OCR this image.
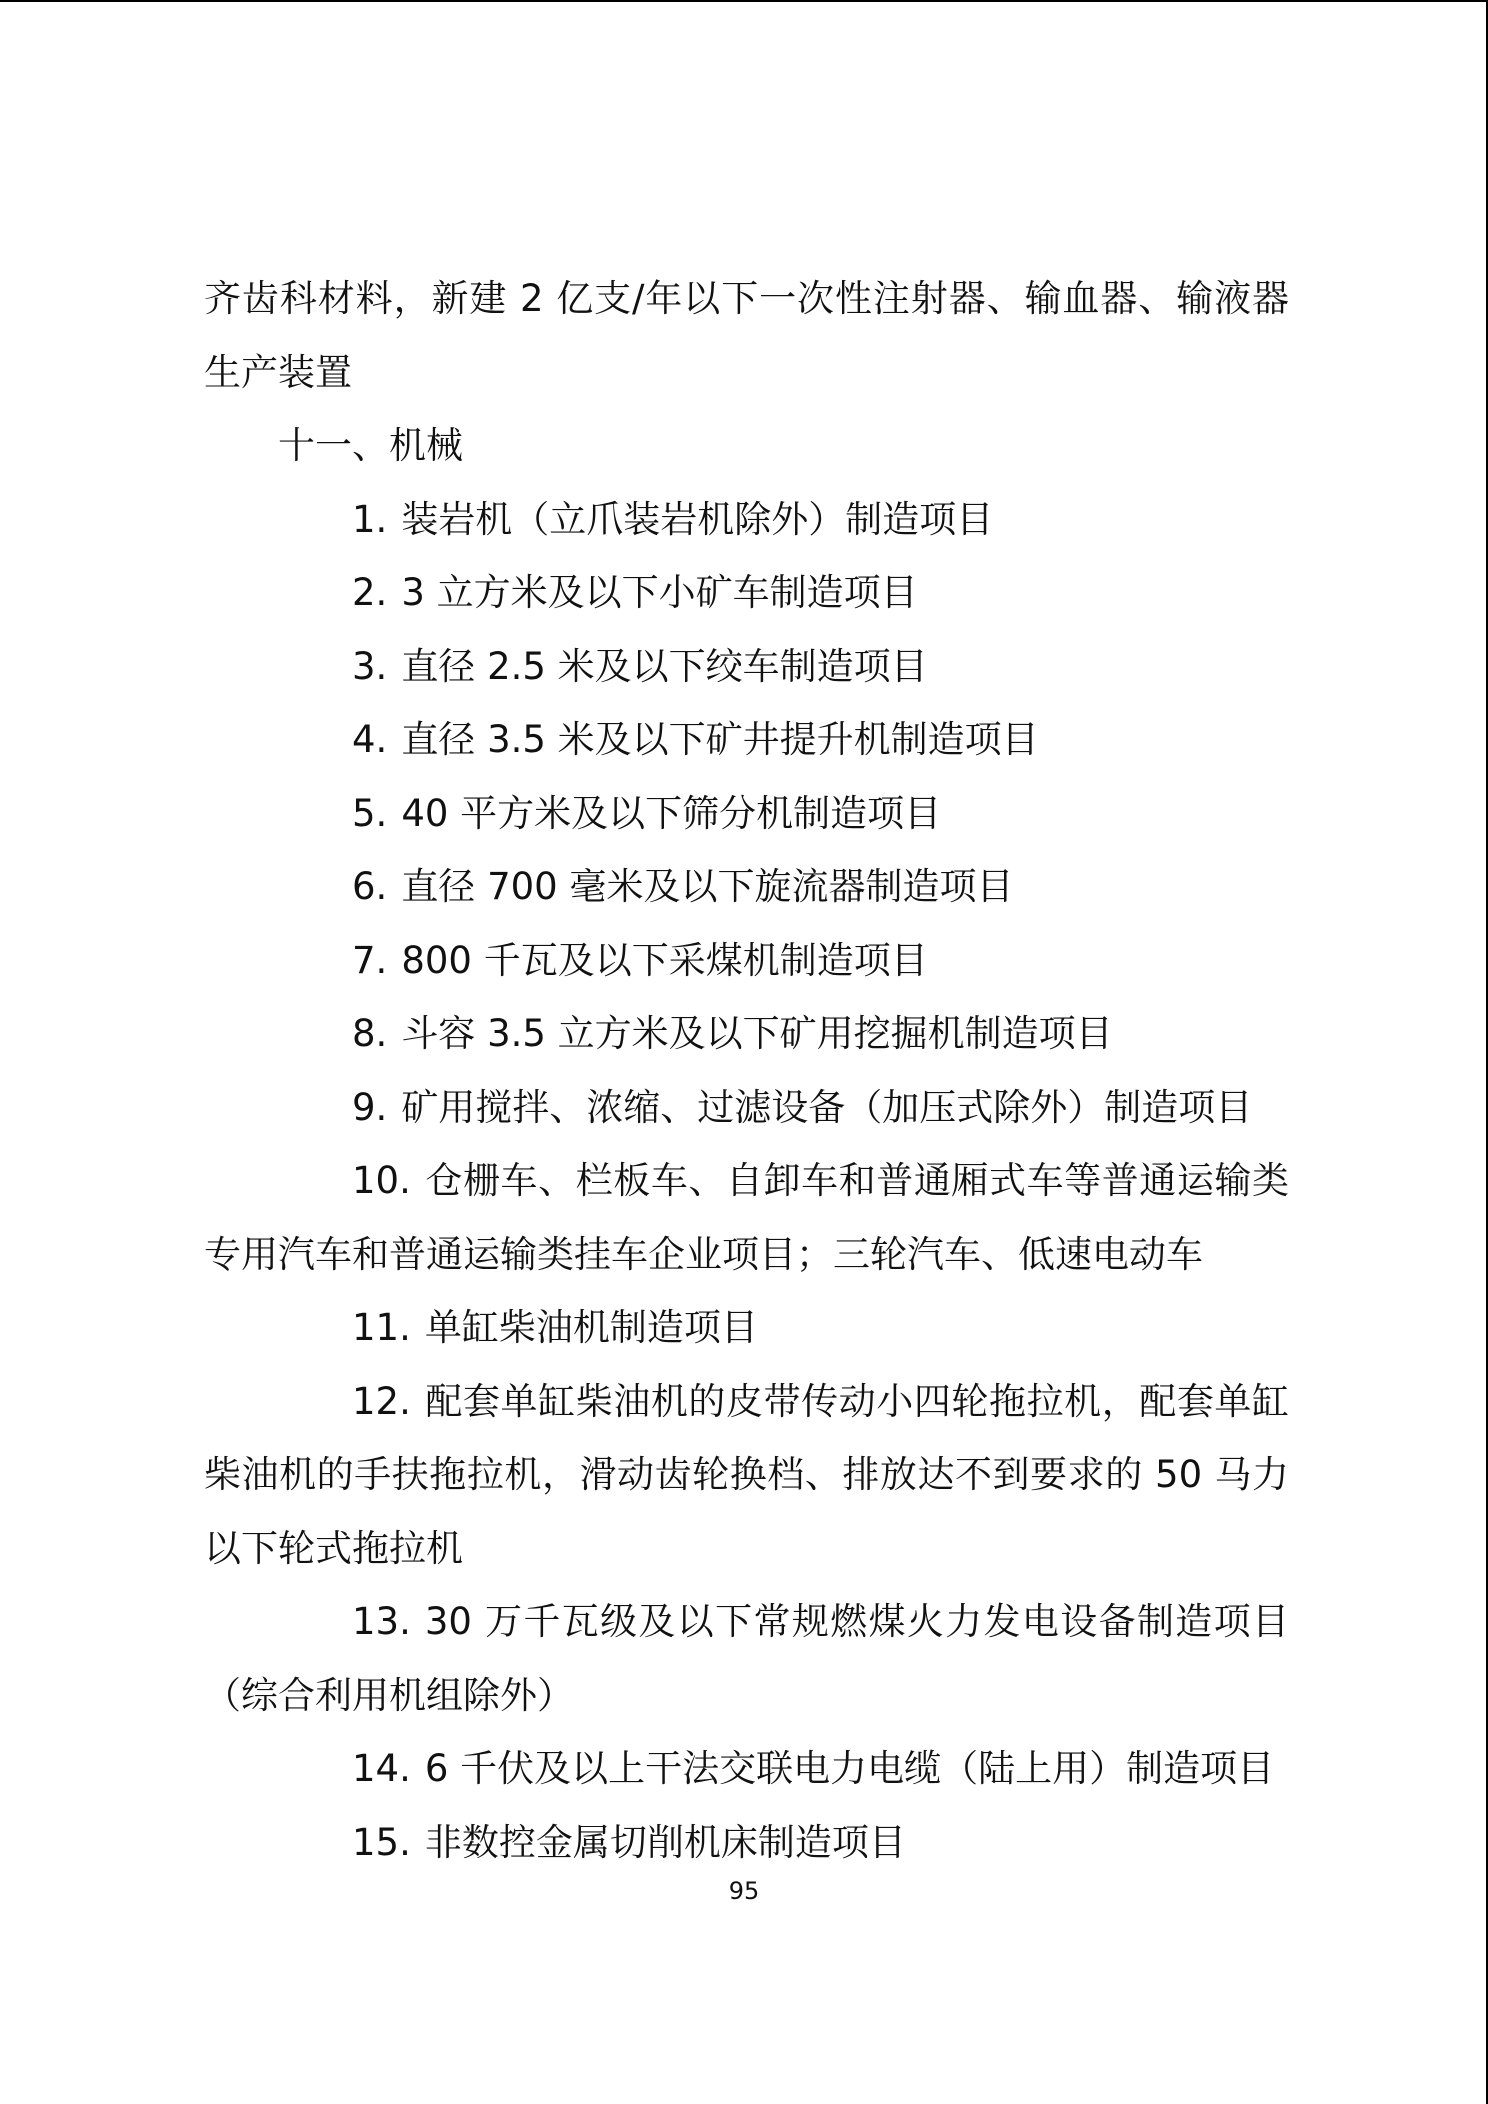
齐齿科材料，新建 2 亿支/年以下一次性注射器、输血器、输液器生产装置

十一、机械

1. 装岩机（立爪装岩机除外）制造项目

2. 3 立方米及以下小矿车制造项目

3. 直径 2.5 米及以下绞车制造项目

4. 直径 3.5 米及以下矿井提升机制造项目

5. 40 平方米及以下筛分机制造项目

6. 直径 700 毫米及以下旋流器制造项目

7. 800 千瓦及以下采煤机制造项目

8. 斗容 3.5 立方米及以下矿用挖掘机制造项目

9. 矿用搅拌、浓缩、过滤设备（加压式除外）制造项目

10. 仓栅车、栏板车、自卸车和普通厢式车等普通运输类专用汽车和普通运输类挂车企业项目；三轮汽车、低速电动车

11. 单缸柴油机制造项目

12. 配套单缸柴油机的皮带传动小四轮拖拉机，配套单缸柴油机的手扶拖拉机，滑动齿轮换档、排放达不到要求的 50 马力以下轮式拖拉机

13. 30 万千瓦级及以下常规燃煤火力发电设备制造项目（综合利用机组除外）

14. 6 千伏及以上干法交联电力电缆（陆上用）制造项目

15. 非数控金属切削机床制造项目

95
